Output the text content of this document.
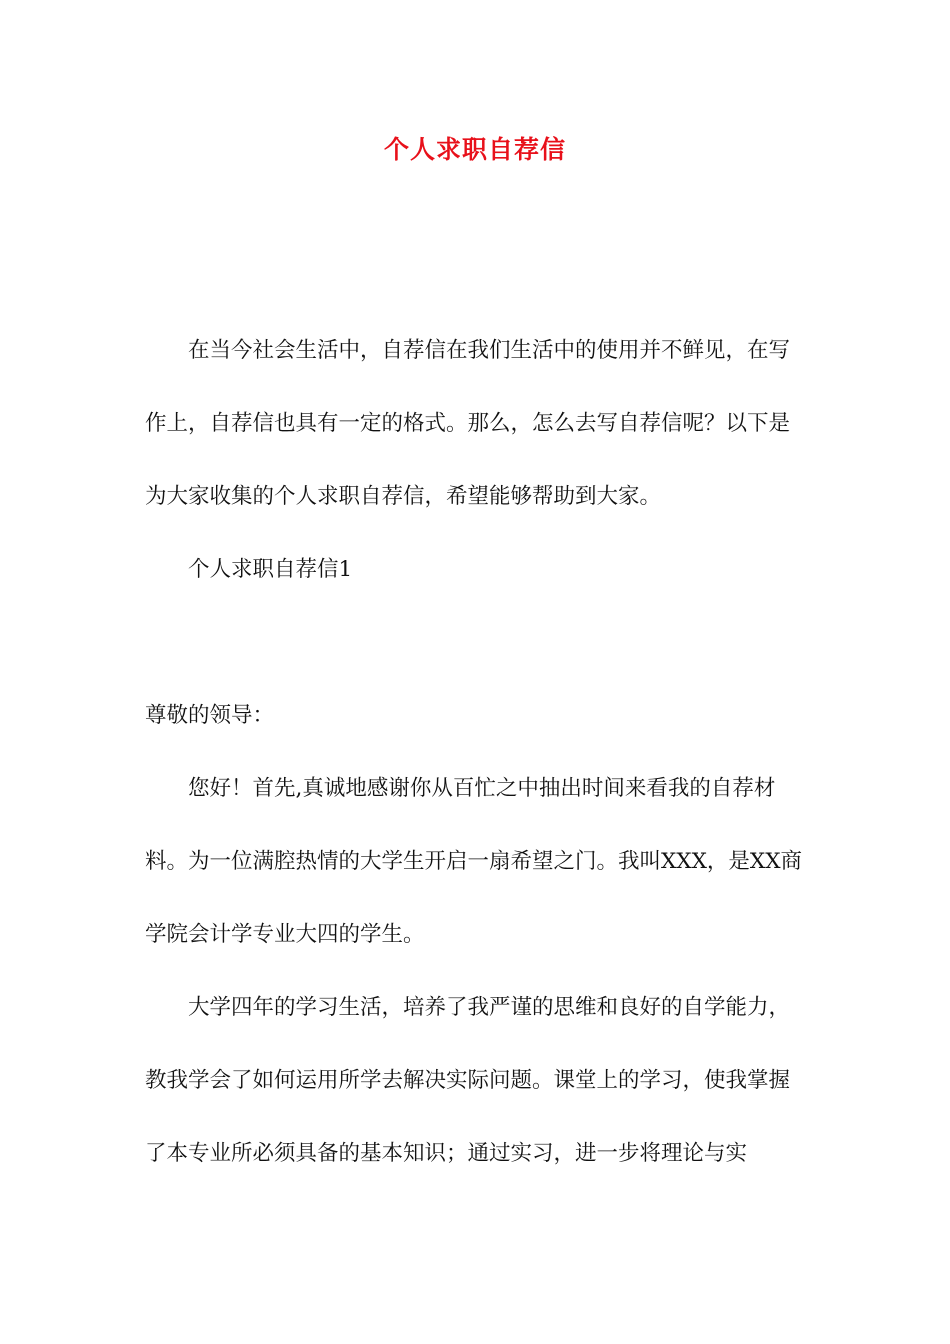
个人求职自荐信

在当今社会生活中，自荐信在我们生活中的使用并不鲜见，在写作上，自荐信也具有一定的格式。那么，怎么去写自荐信呢？以下是为大家收集的个人求职自荐信，希望能够帮助到大家。

个人求职自荐信1

尊敬的领导：

您好！首先,真诚地感谢你从百忙之中抽出时间来看我的自荐材料。为一位满腔热情的大学生开启一扇希望之门。我叫XXX，是XX商学院会计学专业大四的学生。

大学四年的学习生活，培养了我严谨的思维和良好的自学能力，教我学会了如何运用所学去解决实际问题。课堂上的学习，使我掌握了本专业所必须具备的基本知识；通过实习，进一步将理论与实
